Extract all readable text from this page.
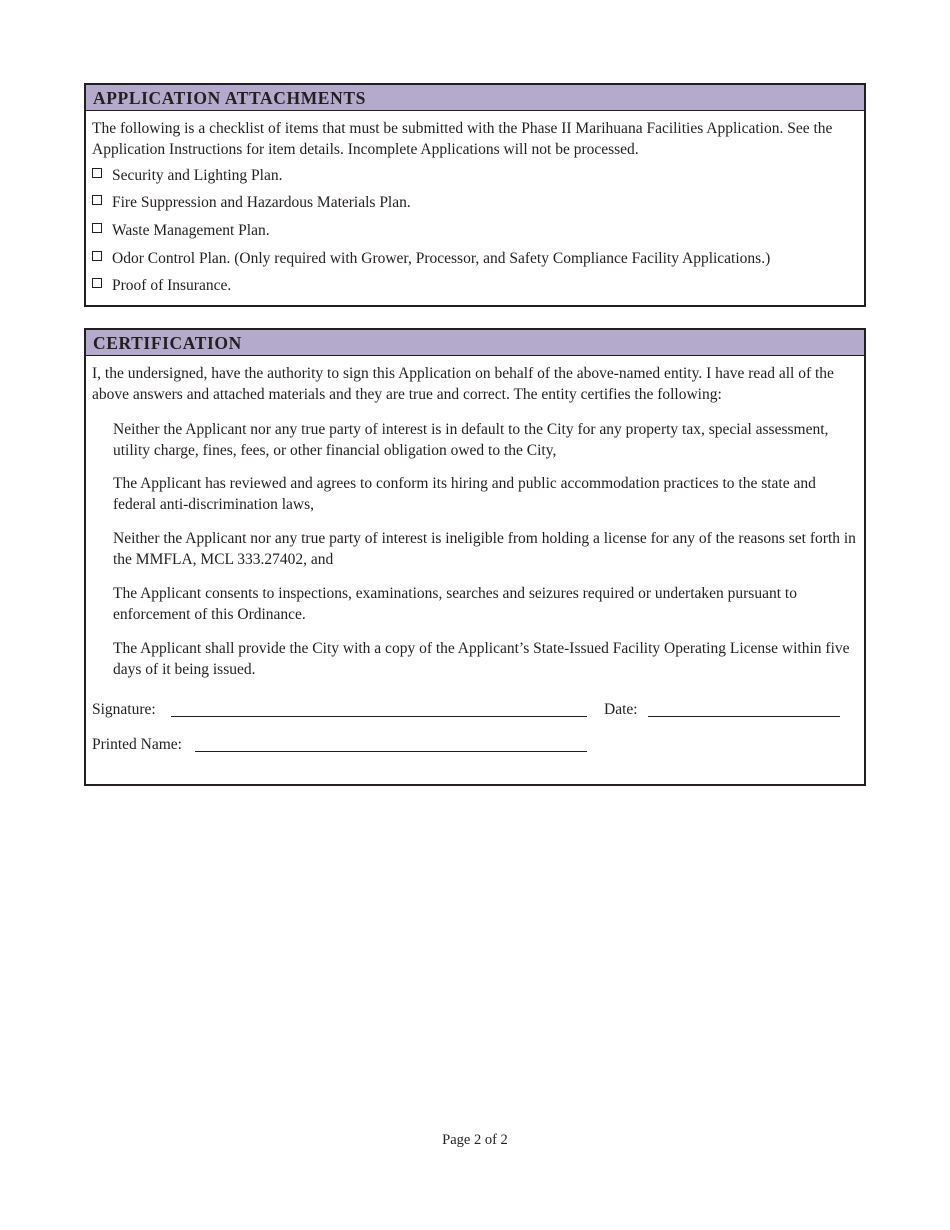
APPLICATION ATTACHMENTS
The following is a checklist of items that must be submitted with the Phase II Marihuana Facilities Application. See the Application Instructions for item details. Incomplete Applications will not be processed.
Security and Lighting Plan.
Fire Suppression and Hazardous Materials Plan.
Waste Management Plan.
Odor Control Plan. (Only required with Grower, Processor, and Safety Compliance Facility Applications.)
Proof of Insurance.
CERTIFICATION
I, the undersigned, have the authority to sign this Application on behalf of the above-named entity. I have read all of the above answers and attached materials and they are true and correct. The entity certifies the following:
Neither the Applicant nor any true party of interest is in default to the City for any property tax, special assessment, utility charge, fines, fees, or other financial obligation owed to the City,
The Applicant has reviewed and agrees to conform its hiring and public accommodation practices to the state and federal anti-discrimination laws,
Neither the Applicant nor any true party of interest is ineligible from holding a license for any of the reasons set forth in the MMFLA, MCL 333.27402, and
The Applicant consents to inspections, examinations, searches and seizures required or undertaken pursuant to enforcement of this Ordinance.
The Applicant shall provide the City with a copy of the Applicant’s State-Issued Facility Operating License within five days of it being issued.
Signature:	Date:
Printed Name:
Page 2 of 2
